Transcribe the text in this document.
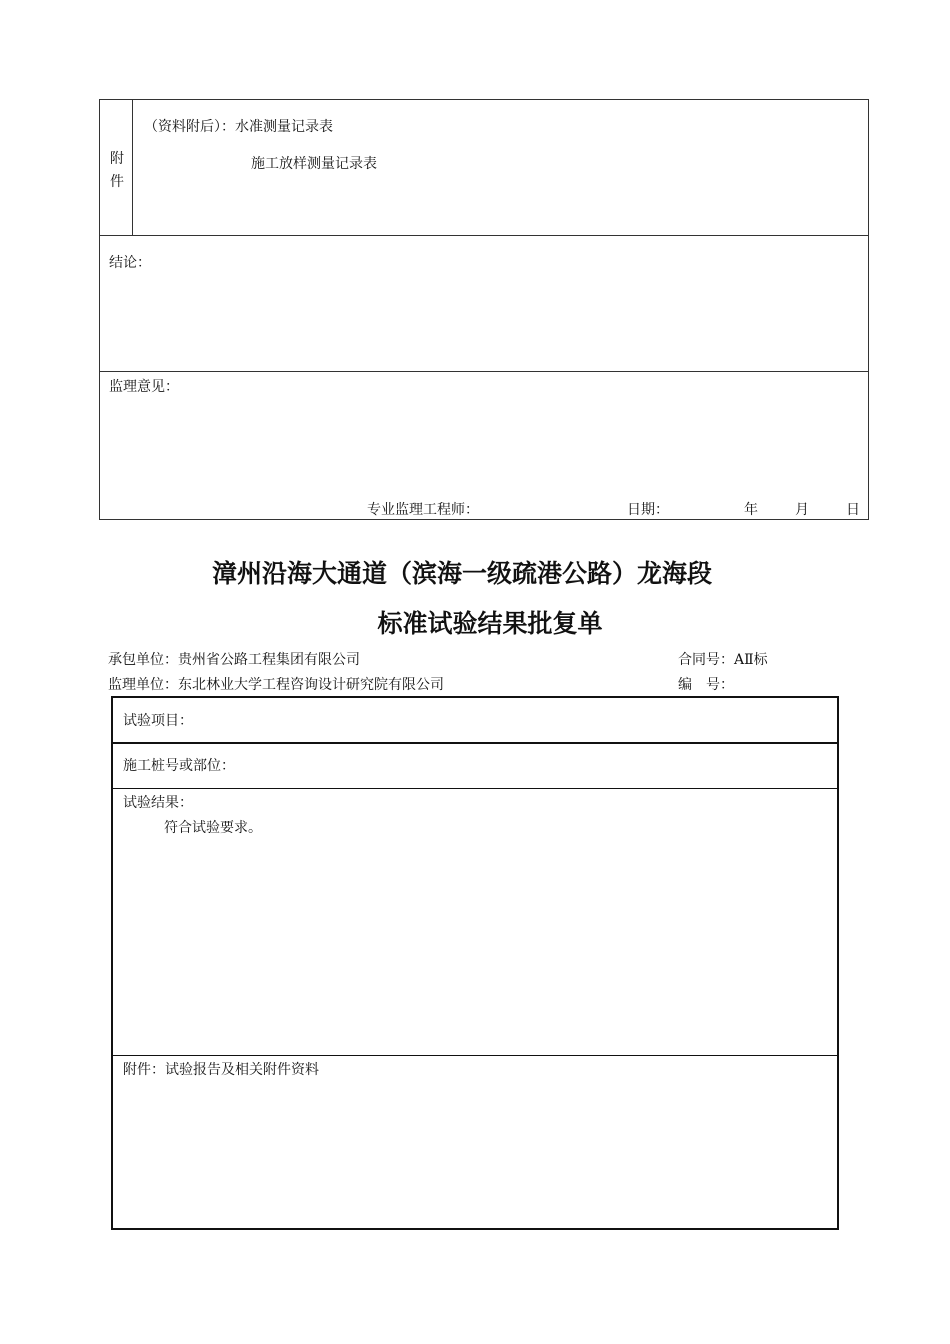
附件
（资料附后）：水准测量记录表
施工放样测量记录表
结论：
监理意见：
专业监理工程师：	日期：	年	月	日
漳州沿海大通道（滨海一级疏港公路）龙海段
标准试验结果批复单
承包单位：贵州省公路工程集团有限公司	合同号：AⅡ标
监理单位：东北林业大学工程咨询设计研究院有限公司	编　号：
试验项目：
施工桩号或部位：
试验结果：
符合试验要求。
附件：试验报告及相关附件资料
